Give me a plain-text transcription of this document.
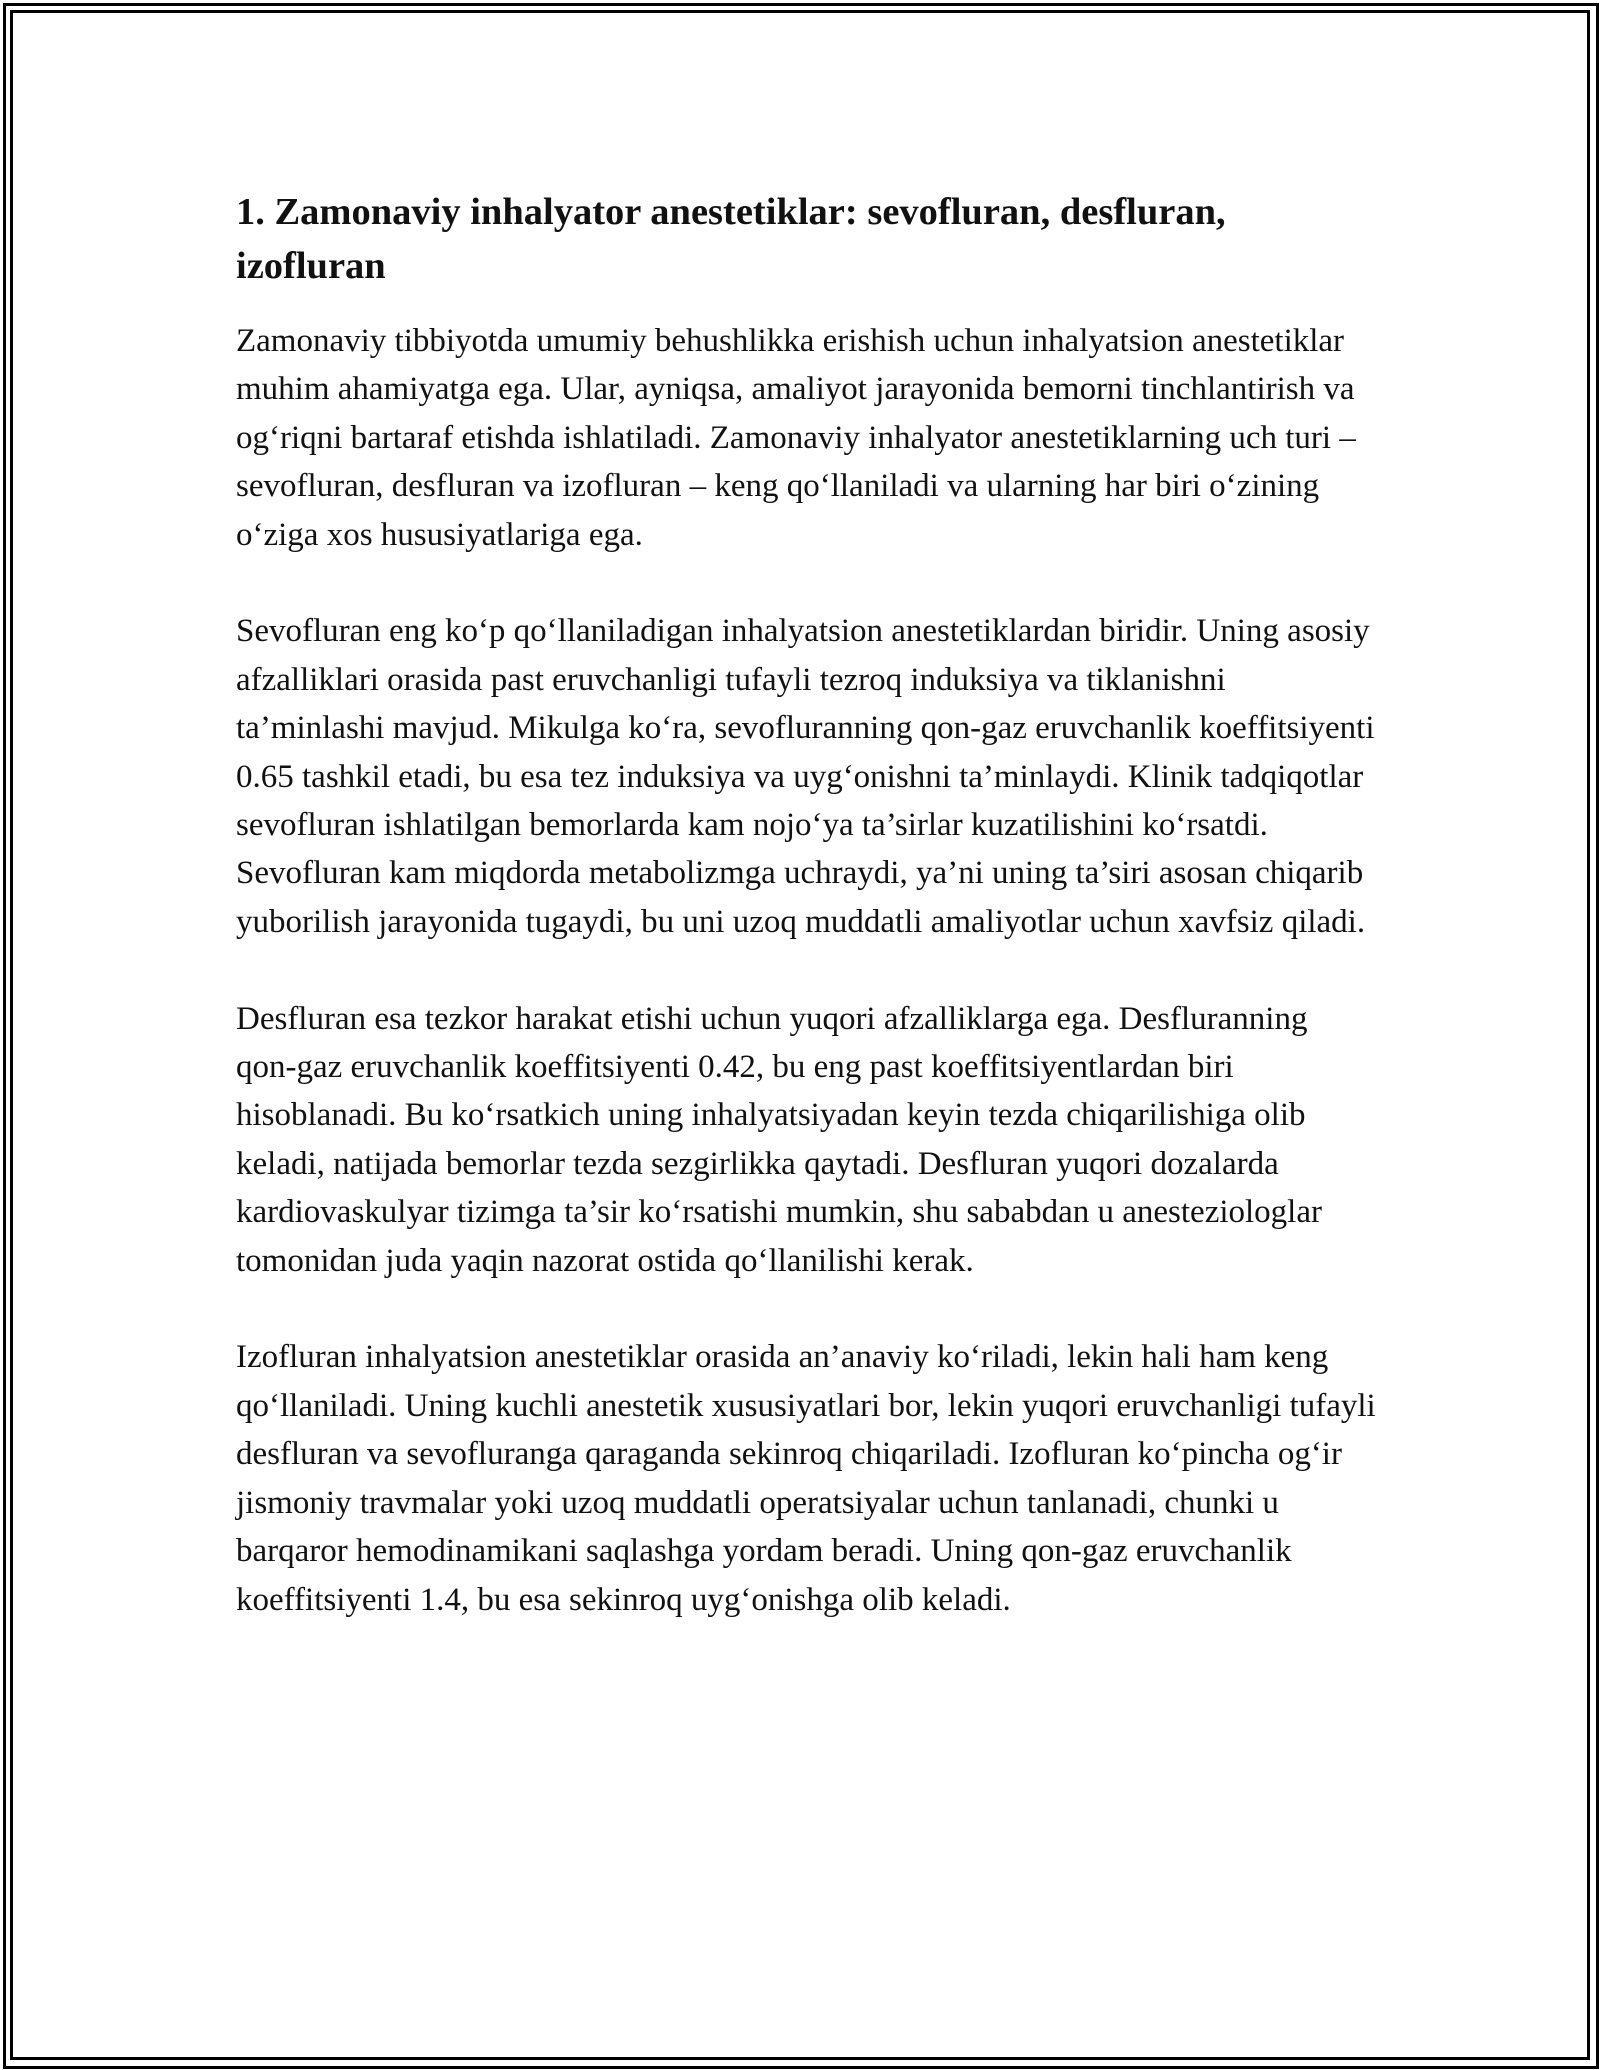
1. Zamonaviy inhalyator anestetiklar: sevofluran, desfluran, izofluran

Zamonaviy tibbiyotda umumiy behushlikka erishish uchun inhalyatsion anestetiklar muhim ahamiyatga ega. Ular, ayniqsa, amaliyot jarayonida bemorni tinchlantirish va og‘riqni bartaraf etishda ishlatiladi. Zamonaviy inhalyator anestetiklarning uch turi – sevofluran, desfluran va izofluran – keng qo‘llaniladi va ularning har biri o‘zining o‘ziga xos hususiyatlariga ega.

Sevofluran eng ko‘p qo‘llaniladigan inhalyatsion anestetiklardan biridir. Uning asosiy afzalliklari orasida past eruvchanligi tufayli tezroq induksiya va tiklanishni ta’minlashi mavjud. Mikulga ko‘ra, sevofluranning qon-gaz eruvchanlik koeffitsiyenti 0.65 tashkil etadi, bu esa tez induksiya va uyg‘onishni ta’minlaydi. Klinik tadqiqotlar sevofluran ishlatilgan bemorlarda kam nojo‘ya ta’sirlar kuzatilishini ko‘rsatdi. Sevofluran kam miqdorda metabolizmga uchraydi, ya’ni uning ta’siri asosan chiqarib yuborilish jarayonida tugaydi, bu uni uzoq muddatli amaliyotlar uchun xavfsiz qiladi.

Desfluran esa tezkor harakat etishi uchun yuqori afzalliklarga ega. Desfluranning qon-gaz eruvchanlik koeffitsiyenti 0.42, bu eng past koeffitsiyentlardan biri hisoblanadi. Bu ko‘rsatkich uning inhalyatsiyadan keyin tezda chiqarilishiga olib keladi, natijada bemorlar tezda sezgirlikka qaytadi. Desfluran yuqori dozalarda kardiovaskulyar tizimga ta’sir ko‘rsatishi mumkin, shu sababdan u anesteziologlar tomonidan juda yaqin nazorat ostida qo‘llanilishi kerak.

Izofluran inhalyatsion anestetiklar orasida an’anaviy ko‘riladi, lekin hali ham keng qo‘llaniladi. Uning kuchli anestetik xususiyatlari bor, lekin yuqori eruvchanligi tufayli desfluran va sevofluranga qaraganda sekinroq chiqariladi. Izofluran ko‘pincha og‘ir jismoniy travmalar yoki uzoq muddatli operatsiyalar uchun tanlanadi, chunki u barqaror hemodinamikani saqlashga yordam beradi. Uning qon-gaz eruvchanlik koeffitsiyenti 1.4, bu esa sekinroq uyg‘onishga olib keladi.
